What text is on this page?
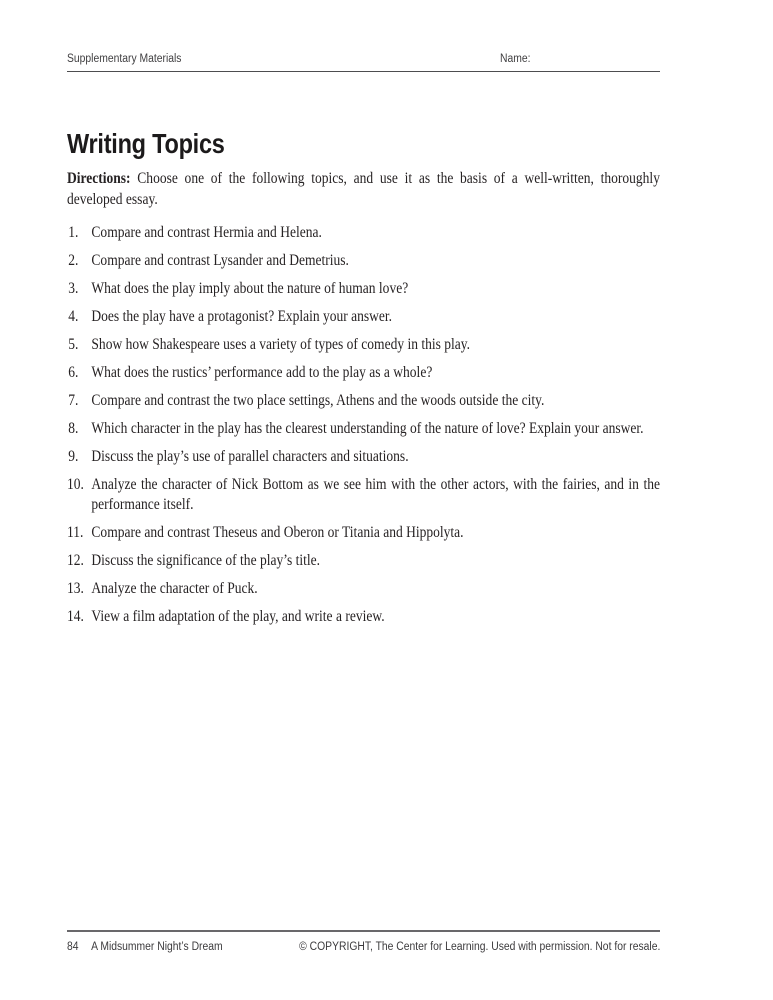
Supplementary Materials	Name:
Writing Topics

Directions: Choose one of the following topics, and use it as the basis of a well-written, thoroughly developed essay.

1. Compare and contrast Hermia and Helena.
2. Compare and contrast Lysander and Demetrius.
3. What does the play imply about the nature of human love?
4. Does the play have a protagonist? Explain your answer.
5. Show how Shakespeare uses a variety of types of comedy in this play.
6. What does the rustics’ performance add to the play as a whole?
7. Compare and contrast the two place settings, Athens and the woods outside the city.
8. Which character in the play has the clearest understanding of the nature of love? Explain your answer.
9. Discuss the play’s use of parallel characters and situations.
10. Analyze the character of Nick Bottom as we see him with the other actors, with the fairies, and in the performance itself.
11. Compare and contrast Theseus and Oberon or Titania and Hippolyta.
12. Discuss the significance of the play’s title.
13. Analyze the character of Puck.
14. View a film adaptation of the play, and write a review.
84 A Midsummer Night’s Dream	© COPYRIGHT, The Center for Learning. Used with permission. Not for resale.
